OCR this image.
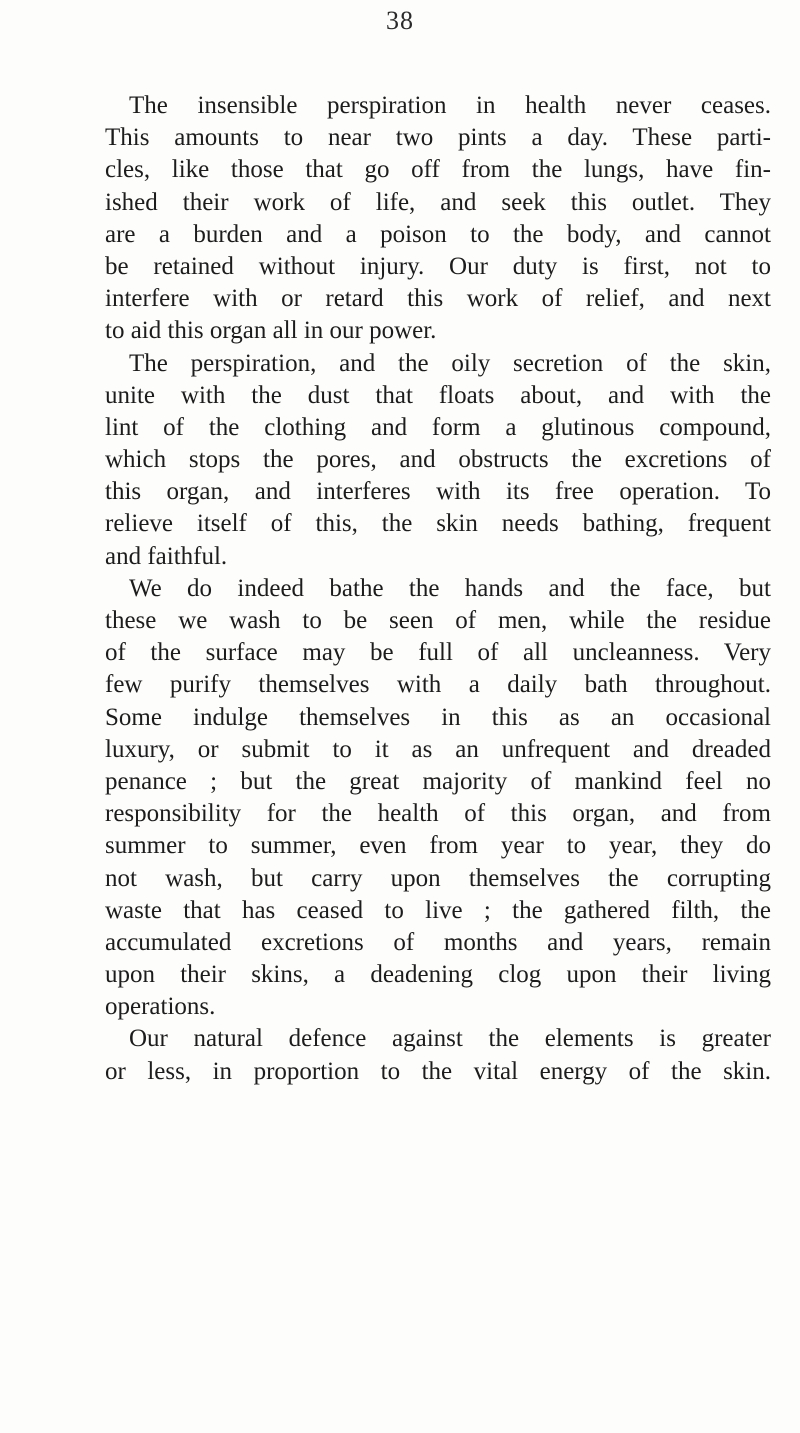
38
The insensible perspiration in health never ceases.
This amounts to near two pints a day. These parti-
cles, like those that go off from the lungs, have fin-
ished their work of life, and seek this outlet. They
are a burden and a poison to the body, and cannot
be retained without injury. Our duty is first, not to
interfere with or retard this work of relief, and next
to aid this organ all in our power.
The perspiration, and the oily secretion of the skin,
unite with the dust that floats about, and with the
lint of the clothing and form a glutinous compound,
which stops the pores, and obstructs the excretions of
this organ, and interferes with its free operation. To
relieve itself of this, the skin needs bathing, frequent
and faithful.
We do indeed bathe the hands and the face, but
these we wash to be seen of men, while the residue
of the surface may be full of all uncleanness. Very
few purify themselves with a daily bath throughout.
Some indulge themselves in this as an occasional
luxury, or submit to it as an unfrequent and dreaded
penance ; but the great majority of mankind feel no
responsibility for the health of this organ, and from
summer to summer, even from year to year, they do
not wash, but carry upon themselves the corrupting
waste that has ceased to live ; the gathered filth, the
accumulated excretions of months and years, remain
upon their skins, a deadening clog upon their living
operations.
Our natural defence against the elements is greater
or less, in proportion to the vital energy of the skin.
